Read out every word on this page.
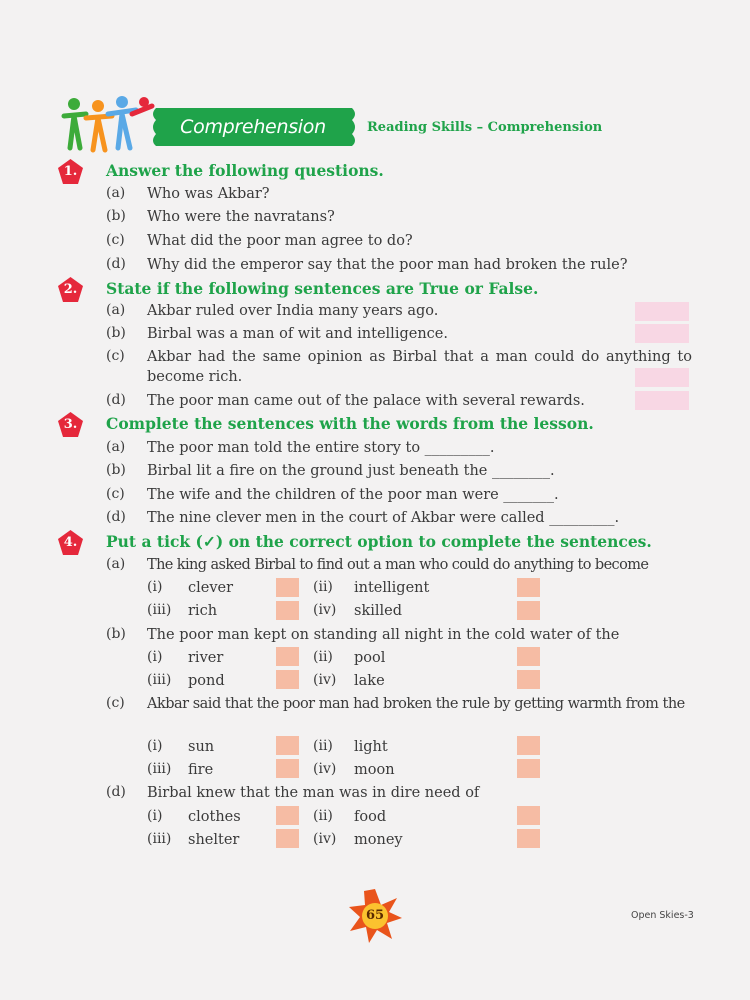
Comprehension	Reading Skills – Comprehension
1.	Answer the following questions.
(a) Who was Akbar?
(b) Who were the navratans?
(c) What did the poor man agree to do?
(d) Why did the emperor say that the poor man had broken the rule?
2.	State if the following sentences are True or False.
(a) Akbar ruled over India many years ago.
(b) Birbal was a man of wit and intelligence.
(c) Akbar had the same opinion as Birbal that a man could do anything to become rich.
(d) The poor man came out of the palace with several rewards.
3.	Complete the sentences with the words from the lesson.
(a) The poor man told the entire story to _________.
(b) Birbal lit a fire on the ground just beneath the ________.
(c) The wife and the children of the poor man were _______.
(d) The nine clever men in the court of Akbar were called _________.
4.	Put a tick (✓) on the correct option to complete the sentences.
(a) The king asked Birbal to find out a man who could do anything to become
(i) clever	(ii) intelligent
(iii) rich	(iv) skilled
(b) The poor man kept on standing all night in the cold water of the
(i) river	(ii) pool
(iii) pond	(iv) lake
(c) Akbar said that the poor man had broken the rule by getting warmth from the
(i) sun	(ii) light
(iii) fire	(iv) moon
(d) Birbal knew that the man was in dire need of
(i) clothes	(ii) food
(iii) shelter	(iv) money
65	Open Skies-3
